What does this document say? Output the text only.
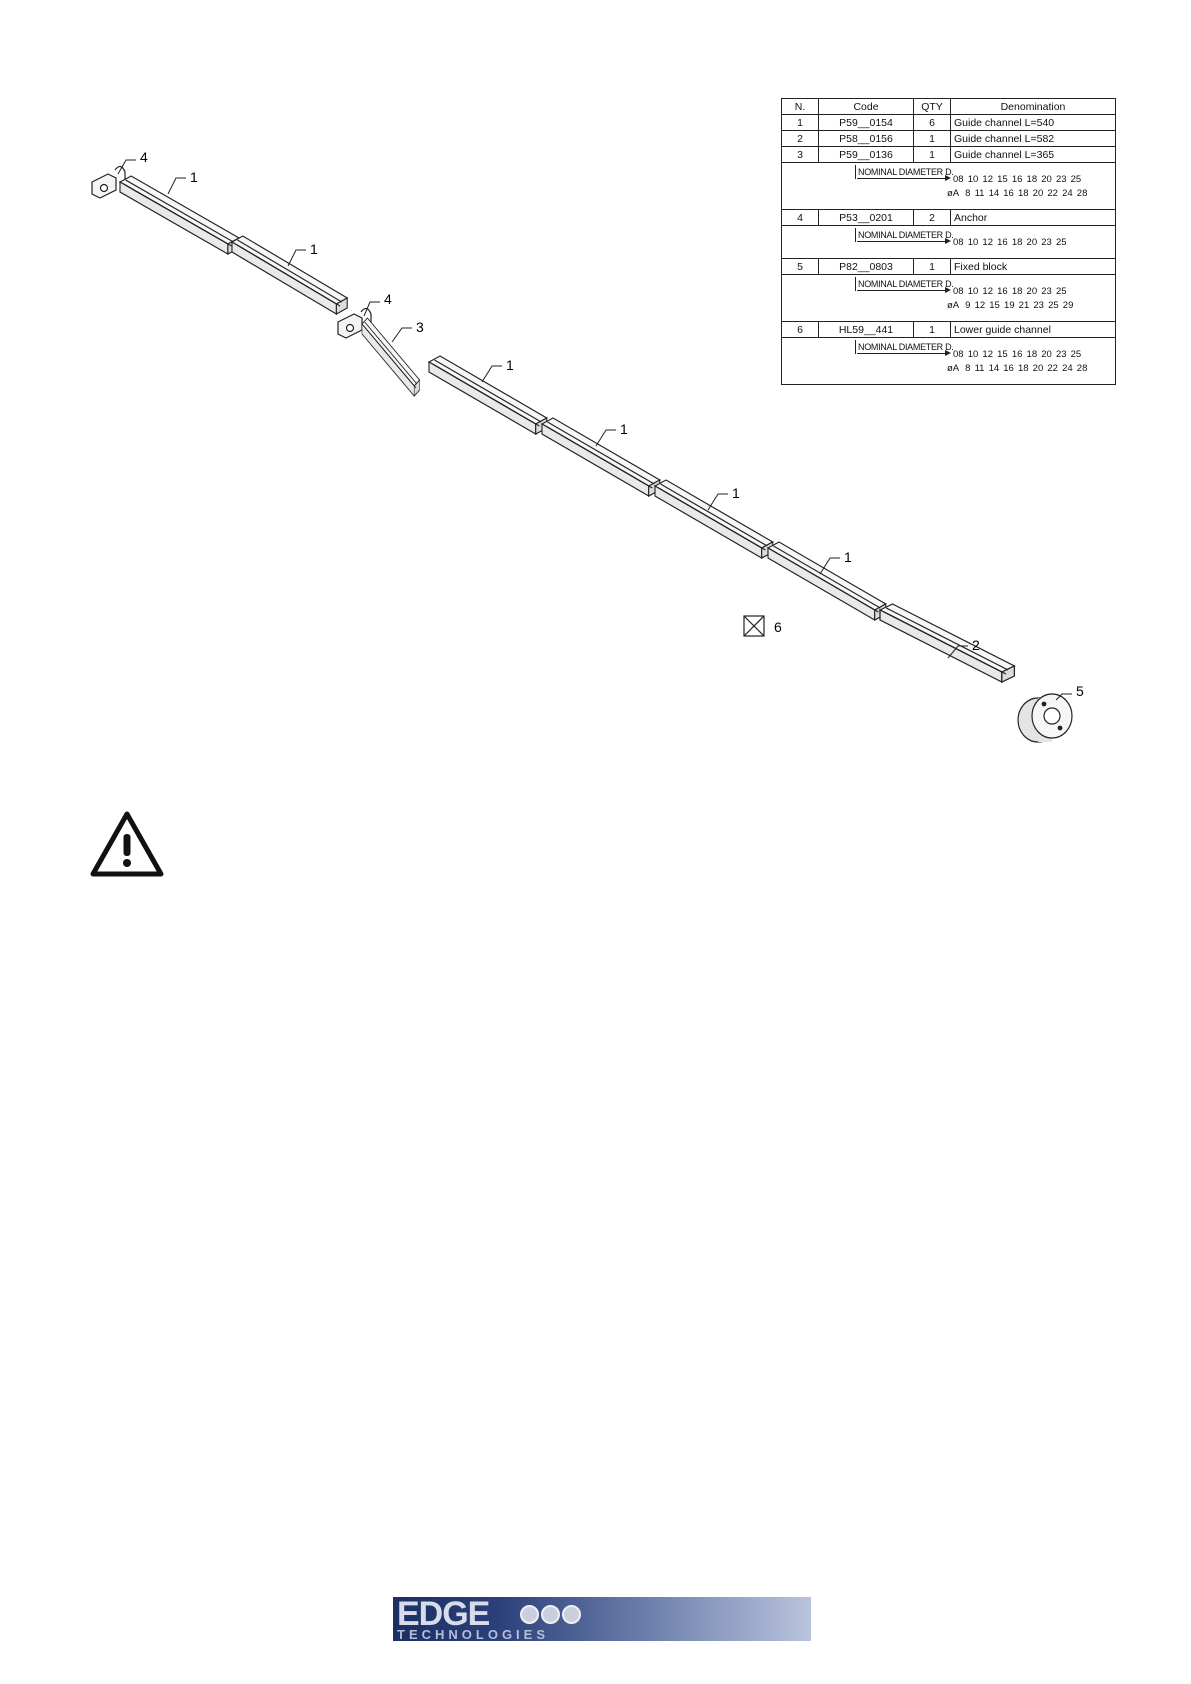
4
1
1
4
3
1
1
1
1
2
5
6
N.	Code	QTY	Denomination
1	P59__0154	6	Guide channel L=540
2	P58__0156	1	Guide channel L=582
3	P59__0136	1	Guide channel L=365

NOMINAL DIAMETER D.
08 10 12 15 16 18 20 23 25
øA 8 11 14 16 18 20 22 24 28			

4	P53__0201	2	Anchor

NOMINAL DIAMETER D.
08 10 12 16 18 20 23 25			

5	P82__0803	1	Fixed block

NOMINAL DIAMETER D.
08 10 12 16 18 20 23 25
øA 9 12 15 19 21 23 25 29			

6	HL59__441	1	Lower guide channel

NOMINAL DIAMETER D.
08 10 12 15 16 18 20 23 25
øA 8 11 14 16 18 20 22 24 28			
EDGE
TECHNOLOGIES
